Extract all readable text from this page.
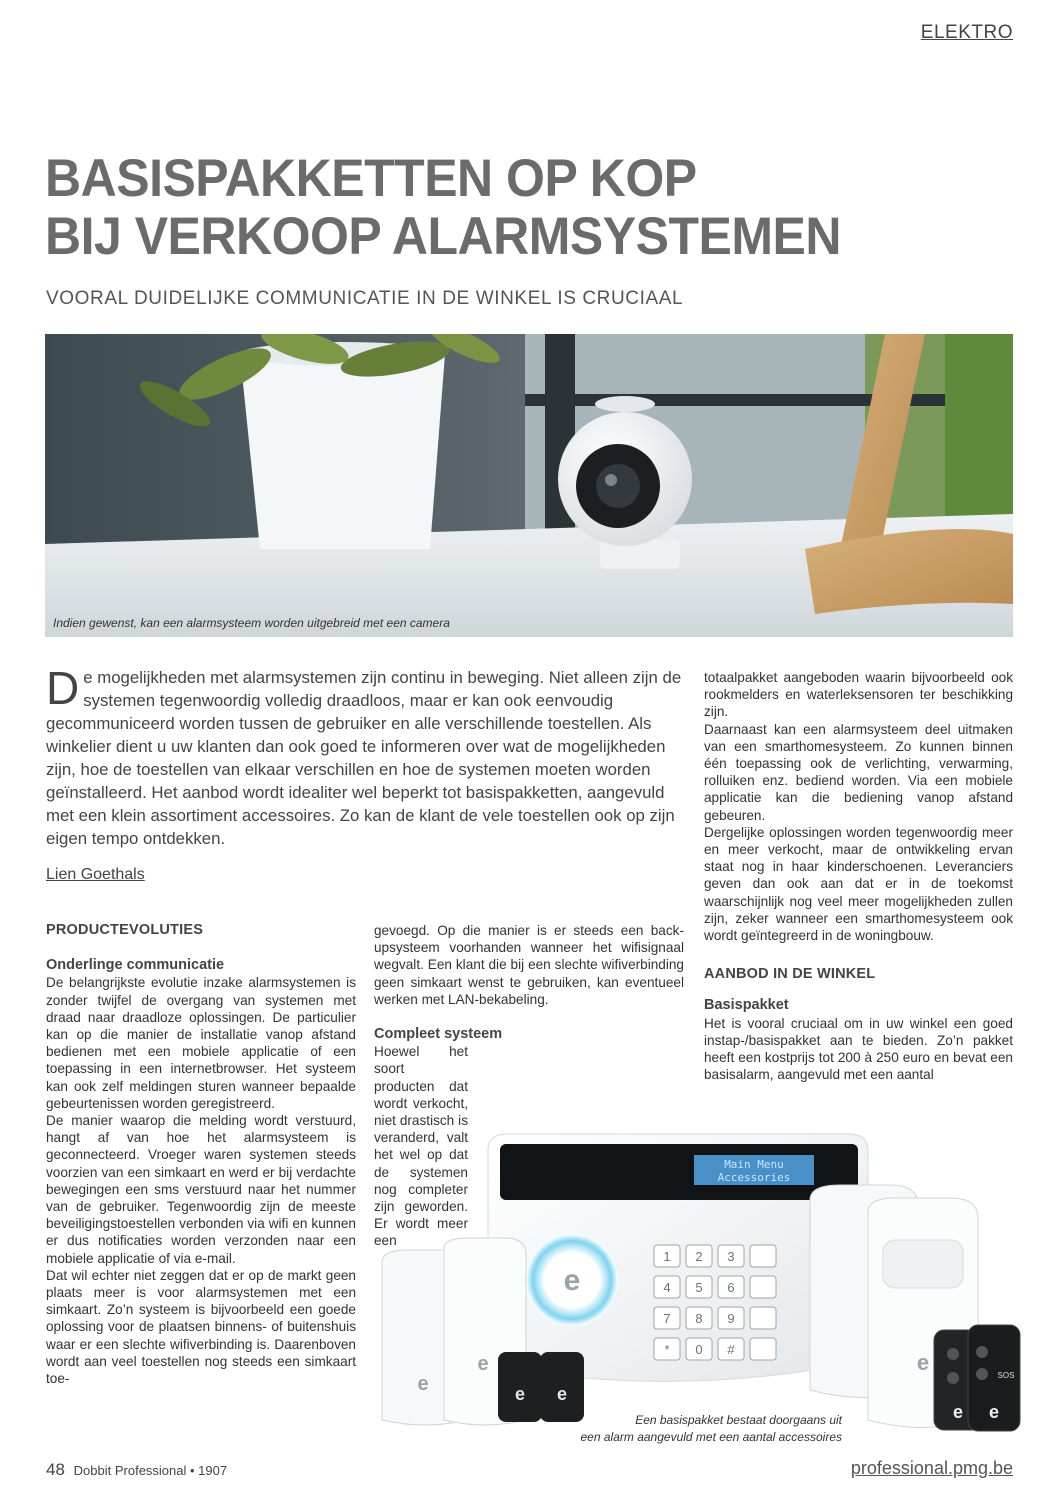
ELEKTRO
BASISPAKKETTEN OP KOP
BIJ VERKOOP ALARMSYSTEMEN
VOORAL DUIDELIJKE COMMUNICATIE IN DE WINKEL IS CRUCIAAL
Indien gewenst, kan een alarmsysteem worden uitgebreid met een camera

De mogelijkheden met alarmsystemen zijn continu in beweging. Niet alleen zijn de systemen tegenwoordig volledig draadloos, maar er kan ook eenvoudig gecommuniceerd worden tussen de gebruiker en alle verschillende toestellen. Als winkelier dient u uw klanten dan ook goed te informeren over wat de mogelijkheden zijn, hoe de toestellen van elkaar verschillen en hoe de systemen moeten worden geïnstalleerd. Het aanbod wordt idealiter wel beperkt tot basispakketten, aangevuld met een klein assortiment accessoires. Zo kan de klant de vele toestellen ook op zijn eigen tempo ontdekken.

Lien Goethals

PRODUCTEVOLUTIES

Onderlinge communicatie

De belangrijkste evolutie inzake alarmsystemen is zonder twijfel de overgang van systemen met draad naar draadloze oplossingen. De particulier kan op die manier de installatie vanop afstand bedienen met een mobiele applicatie of een toepassing in een internetbrowser. Het systeem kan ook zelf meldingen sturen wanneer bepaalde gebeurtenissen worden geregistreerd.

De manier waarop die melding wordt verstuurd, hangt af van hoe het alarmsysteem is geconnecteerd. Vroeger waren systemen steeds voorzien van een simkaart en werd er bij verdachte bewegingen een sms verstuurd naar het nummer van de gebruiker. Tegenwoordig zijn de meeste beveiligingstoestellen verbonden via wifi en kunnen er dus notificaties worden verzonden naar een mobiele applicatie of via e-mail.

Dat wil echter niet zeggen dat er op de markt geen plaats meer is voor alarmsystemen met een simkaart. Zo’n systeem is bijvoorbeeld een goede oplossing voor de plaatsen binnens- of buitenshuis waar er een slechte wifiverbinding is. Daarenboven wordt aan veel toestellen nog steeds een simkaart toe-

gevoegd. Op die manier is er steeds een back-upsysteem voorhanden wanneer het wifisignaal wegvalt. Een klant die bij een slechte wifiverbinding geen simkaart wenst te gebruiken, kan eventueel werken met LAN-bekabeling.

Compleet systeem

Hoewel het soort producten dat wordt verkocht, niet drastisch is veranderd, valt het wel op dat de systemen nog completer zijn geworden. Er wordt meer een

totaalpakket aangeboden waarin bijvoorbeeld ook rookmelders en waterleksensoren ter beschikking zijn.

Daarnaast kan een alarmsysteem deel uitmaken van een smarthomesysteem. Zo kunnen binnen één toepassing ook de verlichting, verwarming, rolluiken enz. bediend worden. Via een mobiele applicatie kan die bediening vanop afstand gebeuren.

Dergelijke oplossingen worden tegenwoordig meer en meer verkocht, maar de ontwikkeling ervan staat nog in haar kinderschoenen. Leveranciers geven dan ook aan dat er in de toekomst waarschijnlijk nog veel meer mogelijkheden zullen zijn, zeker wanneer een smarthomesysteem ook wordt geïntegreerd in de woningbouw.

AANBOD IN DE WINKEL

Basispakket

Het is vooral cruciaal om in uw winkel een goed instap-/basispakket aan te bieden. Zo’n pakket heeft een kostprijs tot 200 à 250 euro en bevat een basisalarm, aangevuld met een aantal

Main Menu
Accessories
e
1 2 3
4 5 6
7 8 9
* 0 #
e
e
e
e e
SOS
e e
Een basispakket bestaat doorgaans uit
een alarm aangevuld met een aantal accessoires
48 Dobbit Professional • 1907	professional.pmg.be
